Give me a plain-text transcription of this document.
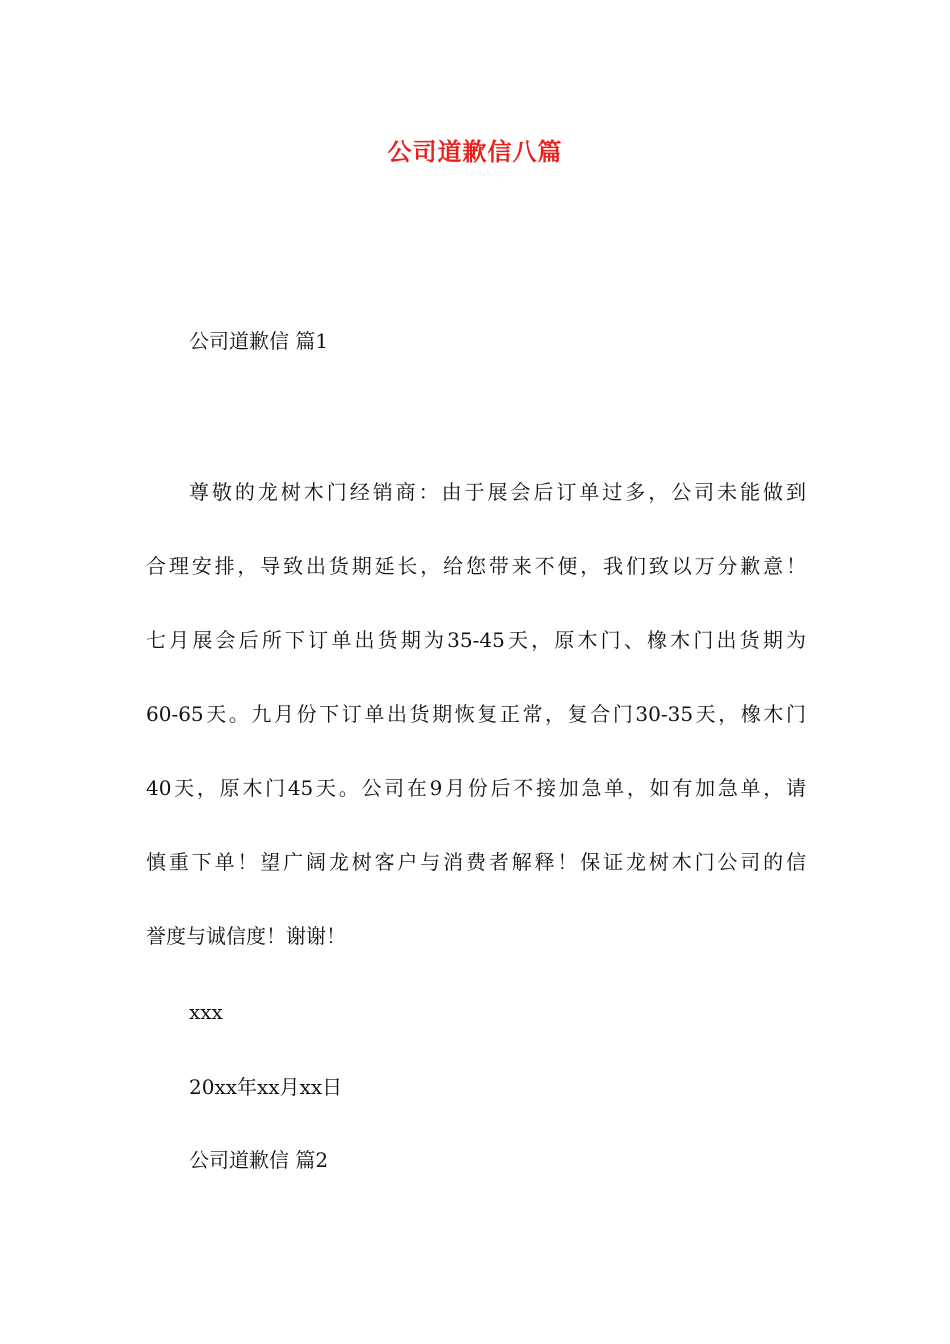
公司道歉信八篇

公司道歉信 篇1

尊敬的龙树木门经销商：由于展会后订单过多，公司未能做到

合理安排，导致出货期延长，给您带来不便，我们致以万分歉意！

七月展会后所下订单出货期为35-45天，原木门、橡木门出货期为

60-65天。九月份下订单出货期恢复正常，复合门30-35天，橡木门

40天，原木门45天。公司在9月份后不接加急单，如有加急单，请

慎重下单！望广阔龙树客户与消费者解释！保证龙树木门公司的信

誉度与诚信度！谢谢！

xxx

20xx年xx月xx日

公司道歉信 篇2
